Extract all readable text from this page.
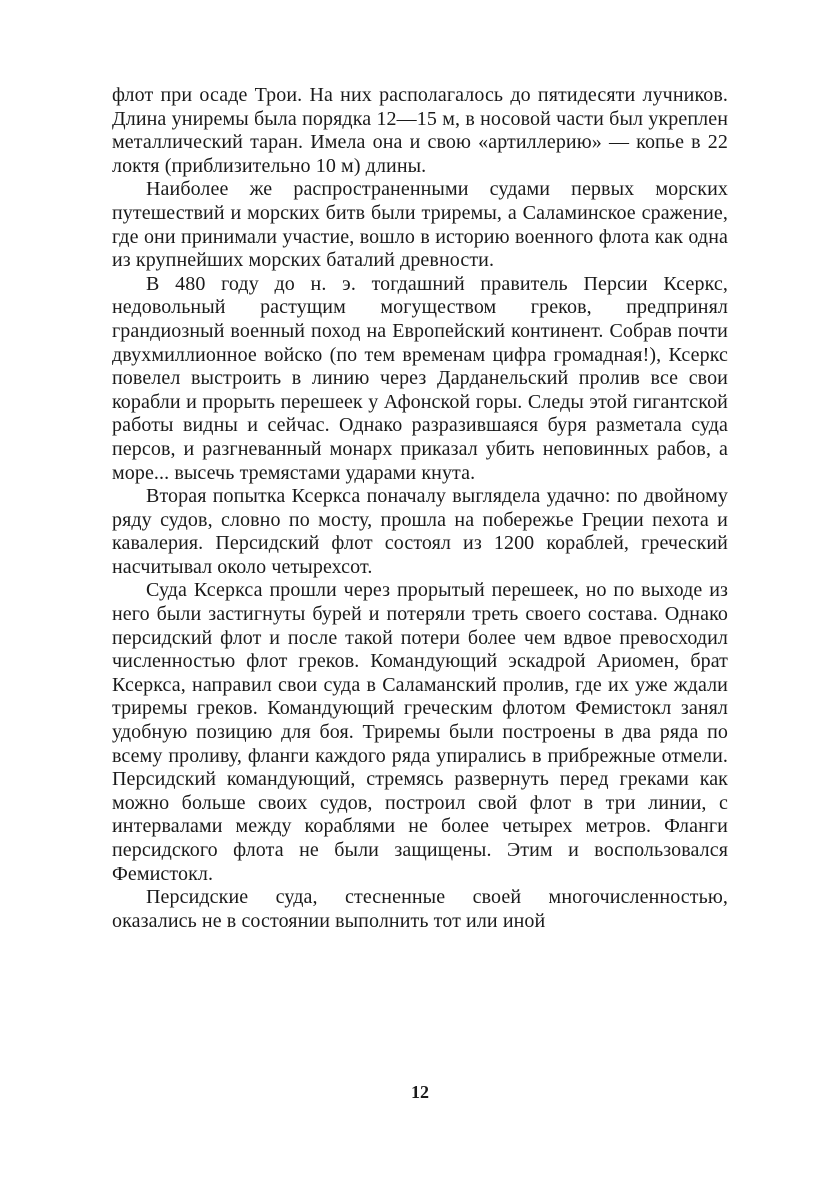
флот при осаде Трои. На них располагалось до пятидесяти лучников. Длина униремы была порядка 12—15 м, в носовой части был укреплен металлический таран. Имела она и свою «артиллерию» — копье в 22 локтя (приблизительно 10 м) длины.

Наиболее же распространенными судами первых морских путешествий и морских битв были триремы, а Саламинское сражение, где они принимали участие, вошло в историю военного флота как одна из крупнейших морских баталий древности.

В 480 году до н. э. тогдашний правитель Персии Ксеркс, недовольный растущим могуществом греков, предпринял грандиозный военный поход на Европейский континент. Собрав почти двухмиллионное войско (по тем временам цифра громадная!), Ксеркс повелел выстроить в линию через Дарданельский пролив все свои корабли и прорыть перешеек у Афонской горы. Следы этой гигантской работы видны и сейчас. Однако разразившаяся буря разметала суда персов, и разгневанный монарх приказал убить неповинных рабов, а море... высечь тремястами ударами кнута.

Вторая попытка Ксеркса поначалу выглядела удачно: по двойному ряду судов, словно по мосту, прошла на побережье Греции пехота и кавалерия. Персидский флот состоял из 1200 кораблей, греческий насчитывал около четырехсот.

Суда Ксеркса прошли через прорытый перешеек, но по выходе из него были застигнуты бурей и потеряли треть своего состава. Однако персидский флот и после такой потери более чем вдвое превосходил численностью флот греков. Командующий эскадрой Ариомен, брат Ксеркса, направил свои суда в Саламанский пролив, где их уже ждали триремы греков. Командующий греческим флотом Фемистокл занял удобную позицию для боя. Триремы были построены в два ряда по всему проливу, фланги каждого ряда упирались в прибрежные отмели. Персидский командующий, стремясь развернуть перед греками как можно больше своих судов, построил свой флот в три линии, с интервалами между кораблями не более четырех метров. Фланги персидского флота не были защищены. Этим и воспользовался Фемистокл.

Персидские суда, стесненные своей многочисленностью, оказались не в состоянии выполнить тот или иной

12
